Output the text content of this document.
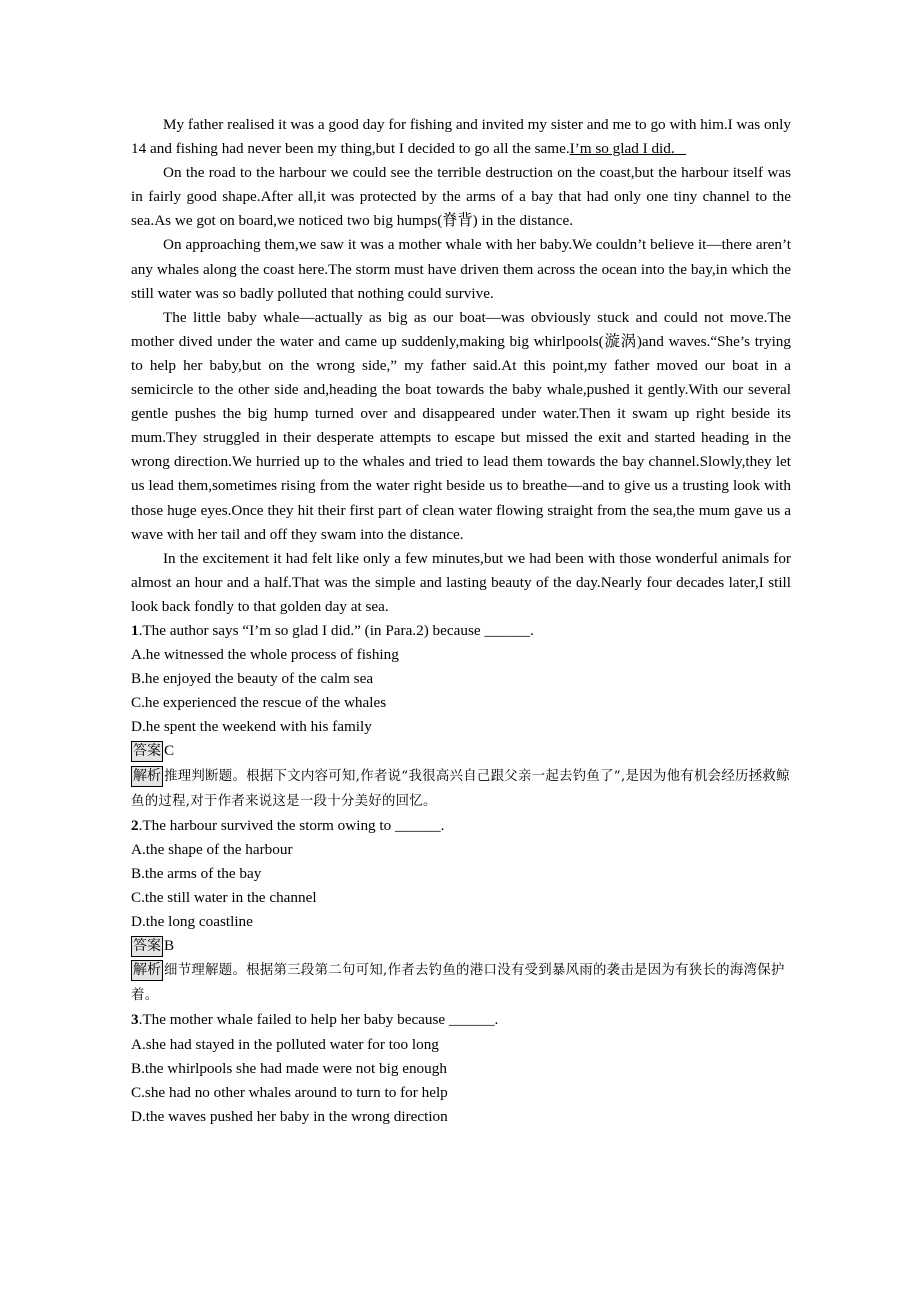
My father realised it was a good day for fishing and invited my sister and me to go with him.I was only 14 and fishing had never been my thing,but I decided to go all the same.I’m so glad I did.

On the road to the harbour we could see the terrible destruction on the coast,but the harbour itself was in fairly good shape.After all,it was protected by the arms of a bay that had only one tiny channel to the sea.As we got on board,we noticed two big humps(脊背) in the distance.

On approaching them,we saw it was a mother whale with her baby.We couldn’t believe it—there aren’t any whales along the coast here.The storm must have driven them across the ocean into the bay,in which the still water was so badly polluted that nothing could survive.

The little baby whale—actually as big as our boat—was obviously stuck and could not move.The mother dived under the water and came up suddenly,making big whirlpools(漩涡)and waves.“She’s trying to help her baby,but on the wrong side,” my father said.At this point,my father moved our boat in a semicircle to the other side and,heading the boat towards the baby whale,pushed it gently.With our several gentle pushes the big hump turned over and disappeared under water.Then it swam up right beside its mum.They struggled in their desperate attempts to escape but missed the exit and started heading in the wrong direction.We hurried up to the whales and tried to lead them towards the bay channel.Slowly,they let us lead them,sometimes rising from the water right beside us to breathe—and to give us a trusting look with those huge eyes.Once they hit their first part of clean water flowing straight from the sea,the mum gave us a wave with her tail and off they swam into the distance.

In the excitement it had felt like only a few minutes,but we had been with those wonderful animals for almost an hour and a half.That was the simple and lasting beauty of the day.Nearly four decades later,I still look back fondly to that golden day at sea.

1.The author says “I’m so glad I did.” (in Para.2) because ______.

A.he witnessed the whole process of fishing

B.he enjoyed the beauty of the calm sea

C.he experienced the rescue of the whales

D.he spent the weekend with his family

答案 C

解析 推理判断题。根据下文内容可知,作者说“我很高兴自己跟父亲一起去钓鱼了”,是因为他有机会经历拯救鲸鱼的过程,对于作者来说这是一段十分美好的回忆。

2.The harbour survived the storm owing to ______.

A.the shape of the harbour

B.the arms of the bay

C.the still water in the channel

D.the long coastline

答案 B

解析 细节理解题。根据第三段第二句可知,作者去钓鱼的港口没有受到暴风雨的袭击是因为有狭长的海湾保护着。

3.The mother whale failed to help her baby because ______.

A.she had stayed in the polluted water for too long

B.the whirlpools she had made were not big enough

C.she had no other whales around to turn to for help

D.the waves pushed her baby in the wrong direction
